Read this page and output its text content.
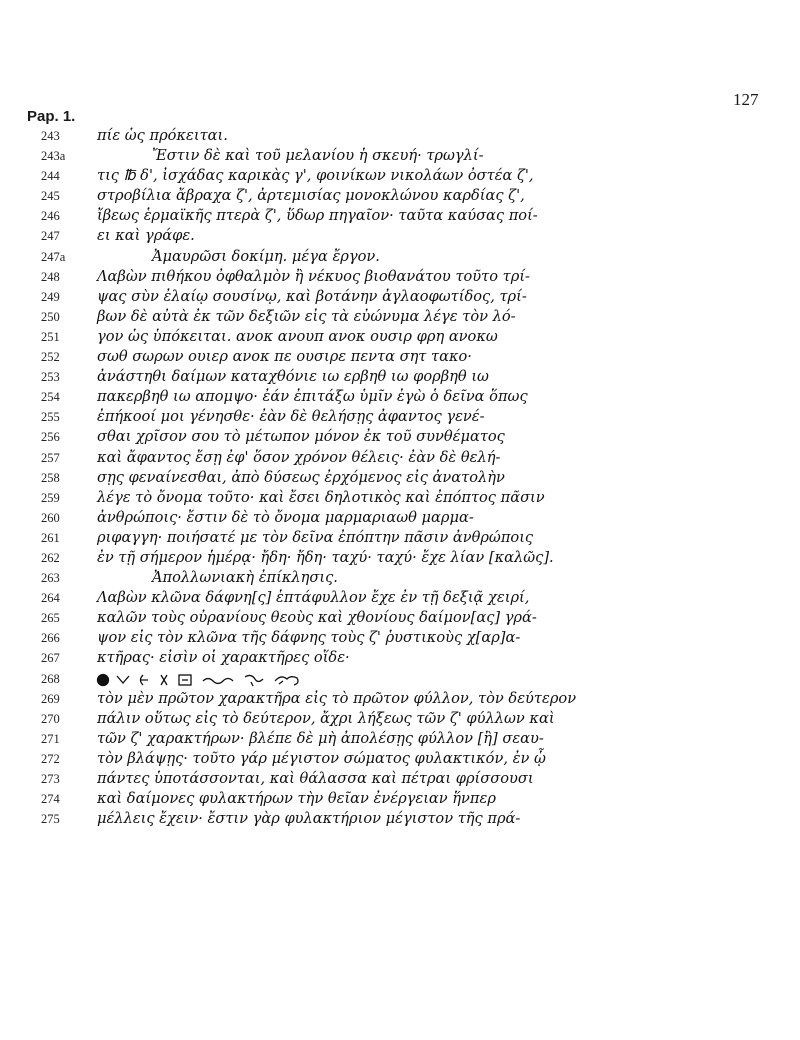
127
Pap. 1.
243	πίε ὡς πρόκειται.
243a	Ἔστιν δὲ καὶ τοῦ μελανίου ἡ σκευή· τρωγλί-
244	τις ℔ δ', ἰσχάδας καρικὰς γ', φοινίκων νικολάων ὀστέα ζ',
245	στροβίλια ἄβραχα ζ', ἀρτεμισίας μονοκλώνου καρδίας ζ',
246	ἴβεως ἑρμαϊκῆς πτερὰ ζ', ὕδωρ πηγαῖον· ταῦτα καύσας ποί-
247	ει καὶ γράφε.
247a	Ἀμαυρῶσι δοκίμη. μέγα ἔργον.
248	Λαβὼν πιθήκου ὀφθαλμὸν ἢ νέκυος βιοθανάτου τοῦτο τρί-
249	ψας σὺν ἐλαίῳ σουσίνῳ, καὶ βοτάνην ἀγλαοφωτίδος, τρί-
250	βων δὲ αὐτὰ ἐκ τῶν δεξιῶν εἰς τὰ εὐώνυμα λέγε τὸν λό-
251	γον ὡς ὑπόκειται. ανοκ ανουπ ανοκ ουσιρ φρη ανοκω
252	σωθ σωρων ουιερ ανοκ πε ουσιρε πεντα σητ τακο·
253	ἀνάστηθι δαίμων καταχθόνιε ιω ερβηθ ιω φορβηθ ιω
254	πακερβηθ ιω απομψο· ἐάν ἐπιτάξω ὑμῖν ἐγὼ ὁ δεῖνα ὅπως
255	ἐπήκοοί μοι γένησθε· ἐὰν δὲ θελήσῃς ἀφαντος γενέ-
256	σθαι χρῖσον σου τὸ μέτωπον μόνον ἐκ τοῦ συνθέματος
257	καὶ ἄφαντος ἔσῃ ἐφ' ὅσον χρόνον θέλεις· ἐὰν δὲ θελή-
258	σῃς φεναίνεσθαι, ἀπὸ δύσεως ἐρχόμενος εἰς ἀνατολὴν
259	λέγε τὸ ὄνομα τοῦτο· καὶ ἔσει δηλοτικὸς καὶ ἐπόπτος πᾶσιν
260	ἀνθρώποις· ἔστιν δὲ τὸ ὄνομα μαρμαριαωθ μαρμα-
261	ριφαγγη· ποιήσατέ με τὸν δεῖνα ἐπόπτην πᾶσιν ἀνθρώποις
262	ἐν τῇ σήμερον ἡμέρᾳ· ἤδη· ἤδη· ταχύ· ταχύ· ἔχε λίαν [καλῶς].
263	Ἀπολλωνιακὴ ἐπίκλησις.
264	Λαβὼν κλῶνα δάφνη[ς] ἑπτάφυλλον ἔχε ἐν τῇ δεξιᾷ χειρί,
265	καλῶν τοὺς οὐρανίους θεοὺς καὶ χθονίους δαίμον[ας] γρά-
266	ψον εἰς τὸν κλῶνα τῆς δάφνης τοὺς ζ' ῥυστικοὺς χ[αρ]α-
267	κτῆρας· εἰσὶν οἱ χαρακτῆρες οἵδε·
268
269	τὸν μὲν πρῶτον χαρακτῆρα εἰς τὸ πρῶτον φύλλον, τὸν δεύτερον
270	πάλιν οὕτως εἰς τὸ δεύτερον, ἄχρι λήξεως τῶν ζ' φύλλων καὶ
271	τῶν ζ' χαρακτήρων· βλέπε δὲ μὴ ἀπολέσῃς φύλλον [ἢ] σεαυ-
272	τὸν βλάψῃς· τοῦτο γάρ μέγιστον σώματος φυλακτικόν, ἐν ᾧ
273	πάντες ὑποτάσσονται, καὶ θάλασσα καὶ πέτραι φρίσσουσι
274	καὶ δαίμονες φυλακτήρων τὴν θεῖαν ἐνέργειαν ἥνπερ
275	μέλλεις ἔχειν· ἔστιν γὰρ φυλακτήριον μέγιστον τῆς πρά-
